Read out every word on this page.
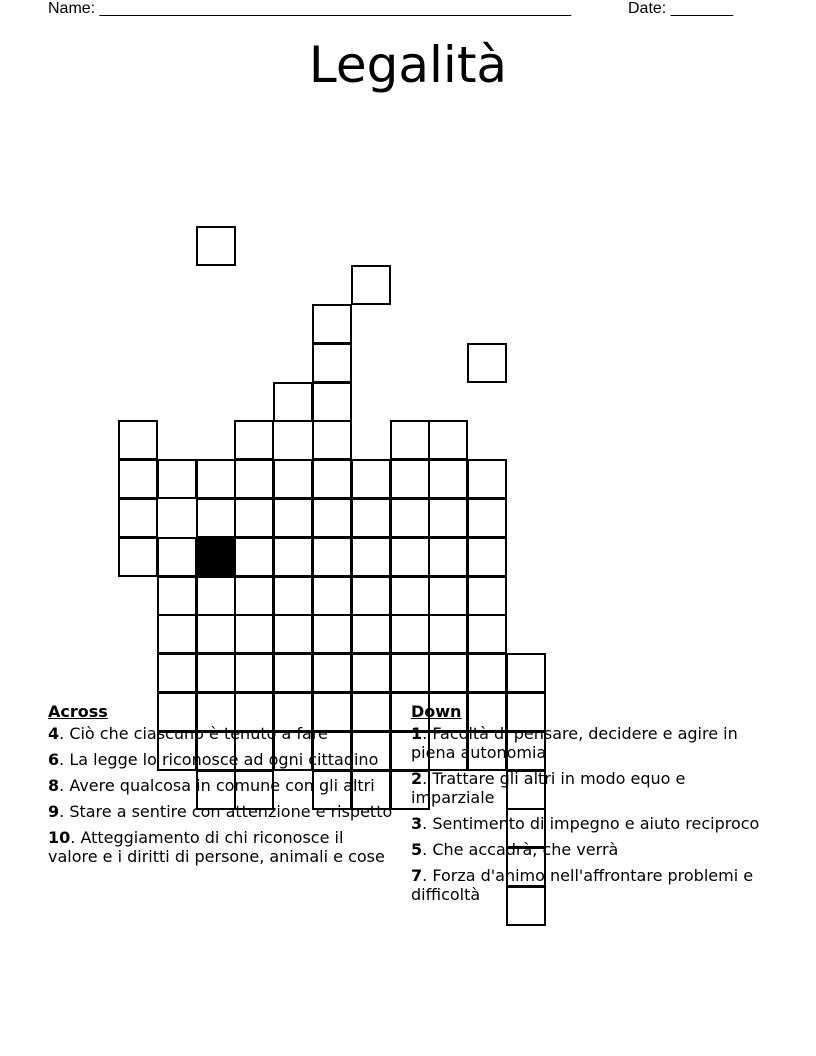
Name: _____________________________________________________	Date: _______
Legalità
Across
4. Ciò che ciascuno è tenuto a fare
6. La legge lo riconosce ad ogni cittadino
8. Avere qualcosa in comune con gli altri
9. Stare a sentire con attenzione e rispetto
10. Atteggiamento di chi riconosce il valore e i diritti di persone, animali e cose
Down
1. Facoltà di pensare, decidere e agire in piena autonomia
2. Trattare gli altri in modo equo e imparziale
3. Sentimento di impegno e aiuto reciproco
5. Che accadrà, che verrà
7. Forza d'animo nell'affrontare problemi e difficoltà
